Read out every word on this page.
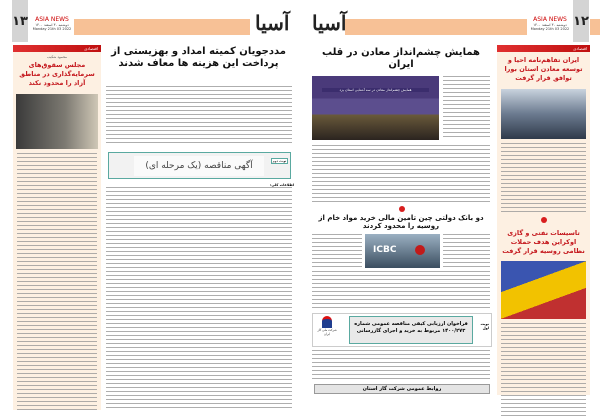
۱۳	ASIA NEWS
دوشنبه ۳۰ اسفند ۱۴۰۰
Monday 21th 03 2022	آسیا
اقتصادی
محمود شکیب
مجلس سقوق‌های سرمایه‌گذاری در مناطق آزاد را محدود نکند
مددجویان کمیته امداد و بهزیستی از پرداخت این هزینه ها معاف شدند
نوبت دوم
آگهی مناقصه (یک مرحله ای)
اطلاعات کلی:
۱۲
ASIA NEWS
دوشنبه ۳۰ اسفند ۱۴۰۰
Monday 21th 03 2022
آسیا
همایش چشم‌انداز معادن در قلب ایران
همایش چشم‌انداز معادن در سه آشنایی استان یزد
دو بانک دولتی چین تامین مالی خرید مواد خام از روسیه را محدود کردند
ICBC
شرکت ملی گاز ایران
فراخوان ارزیابی کیفی مناقصه عمومی شماره ۱۴۰۰/۲۷۳ مربوط به خرید و اجرای گازرسانی
نوبت اول
روابط عمومی شرکت گاز استان
اقتصادی
ایران تفاهم‌نامه احیا و توسعه معادن استان بورا توافق قرار گرفت
تاسیسات نفتی و گازی اوکراین هدف حملات نظامی روسیه قرار گرفت
